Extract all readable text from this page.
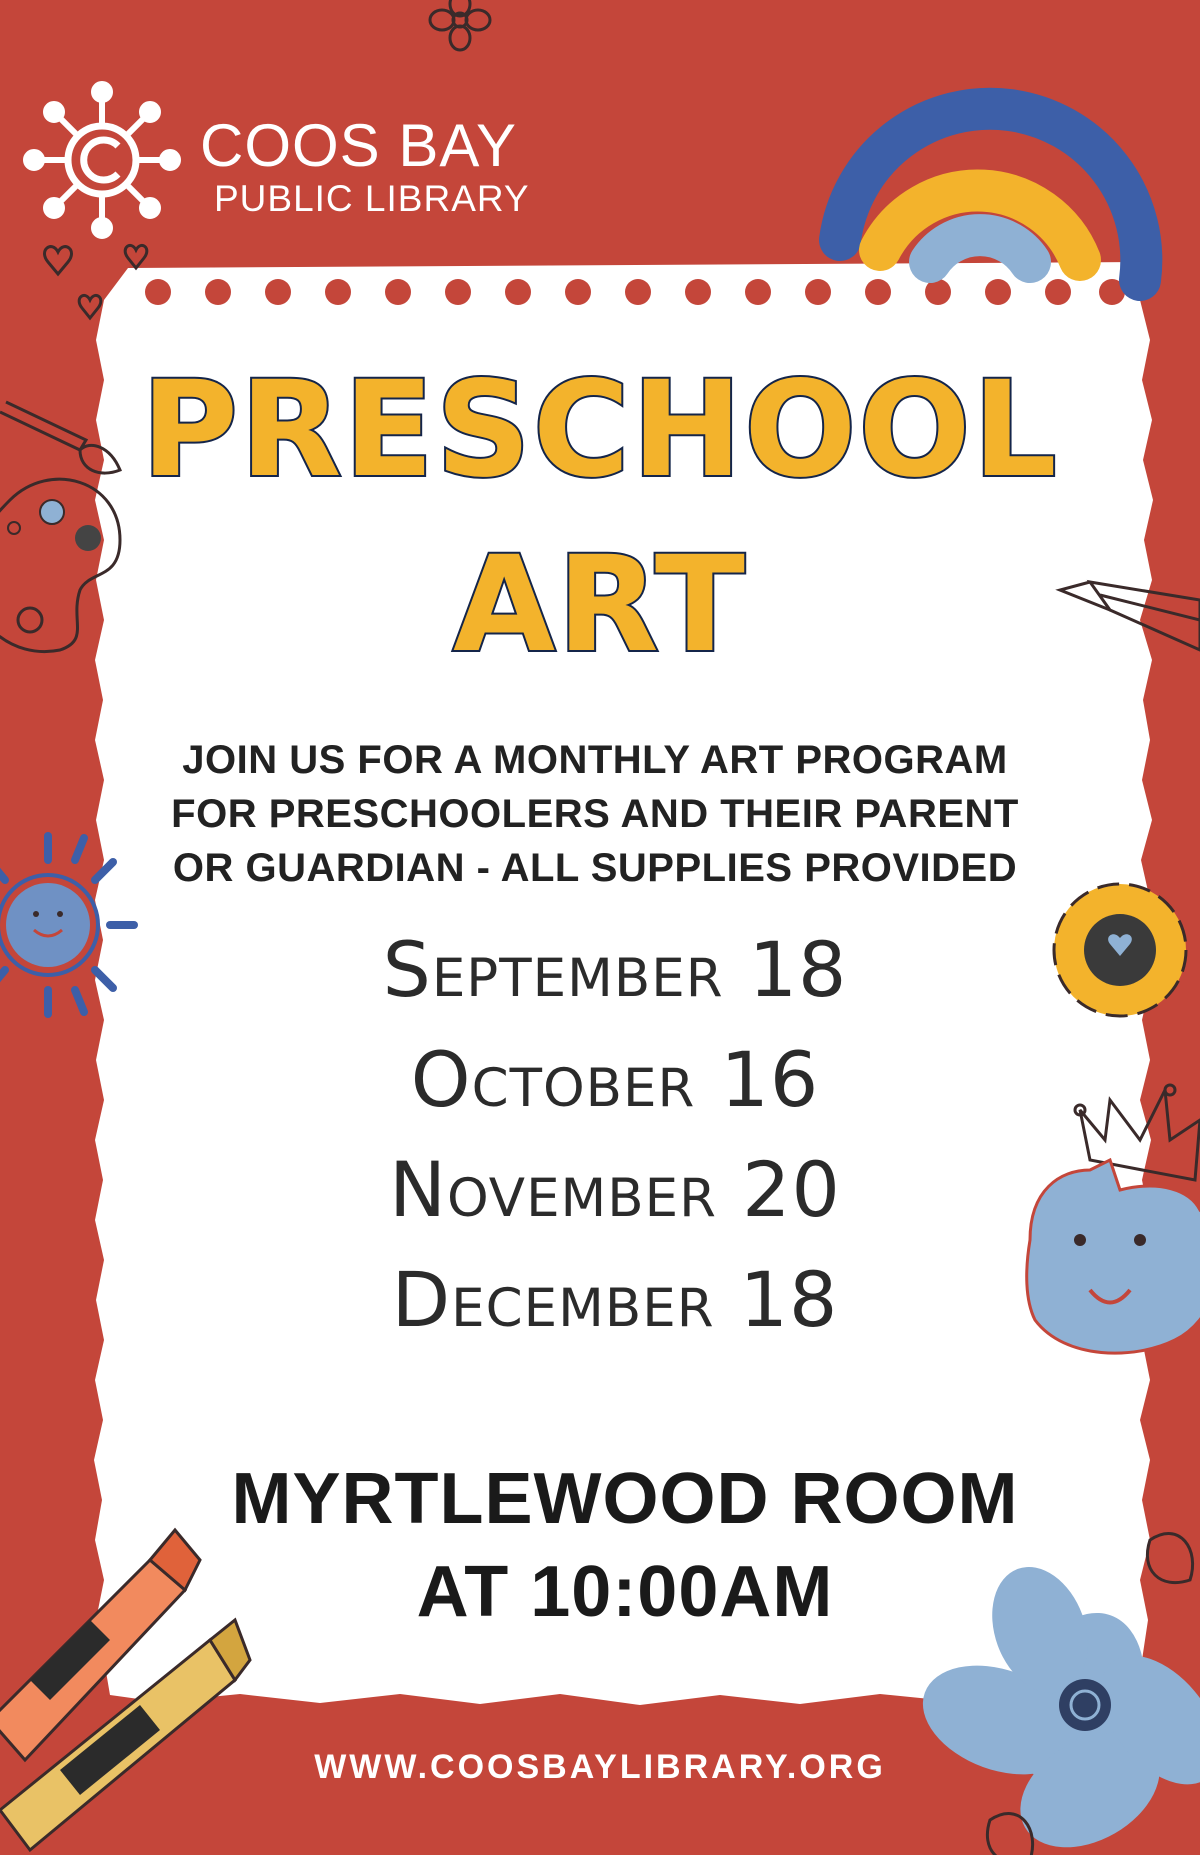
COOS BAY
PUBLIC LIBRARY
PRESCHOOL
ART
JOIN US FOR A MONTHLY ART PROGRAM
FOR PRESCHOOLERS AND THEIR PARENT
OR GUARDIAN - ALL SUPPLIES PROVIDED
September 18
October 16
November 20
December 18
MYRTLEWOOD ROOM
AT 10:00AM
WWW.COOSBAYLIBRARY.ORG
